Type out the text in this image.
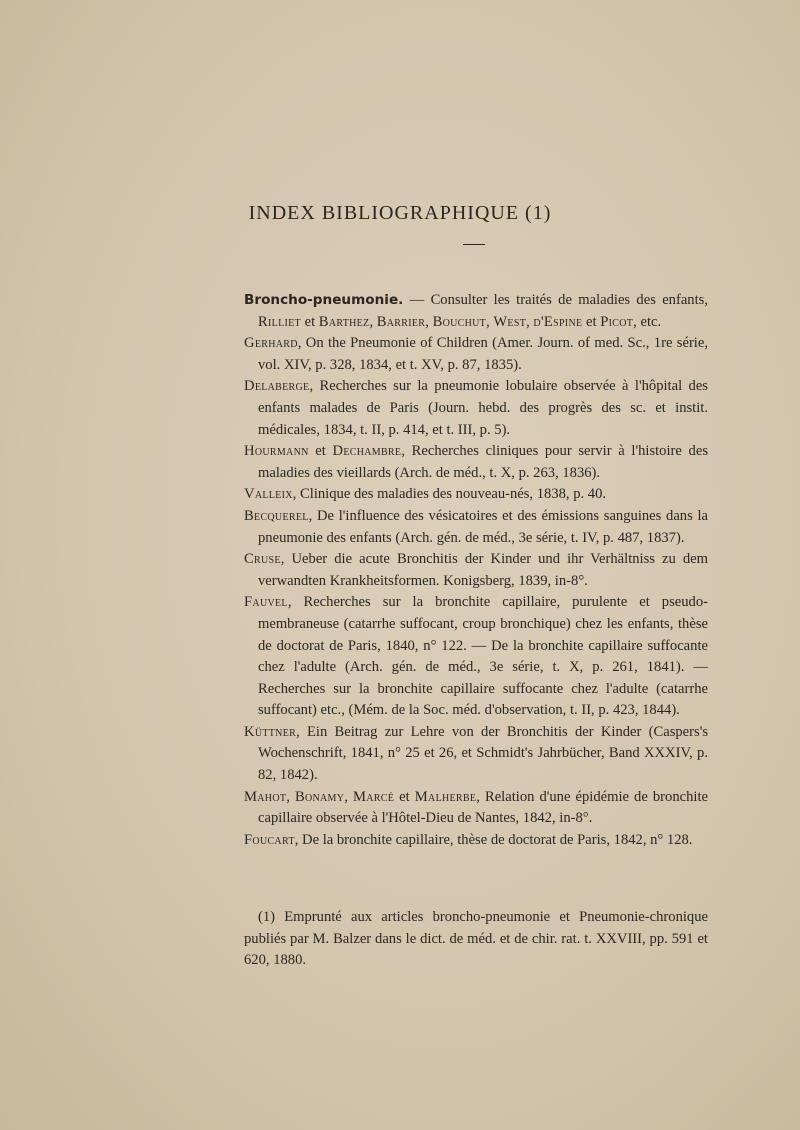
INDEX BIBLIOGRAPHIQUE (1)

Broncho-pneumonie. — Consulter les traités de maladies des enfants, Rilliet et Barthez, Barrier, Bouchut, West, d'Espine et Picot, etc.

Gerhard, On the Pneumonie of Children (Amer. Journ. of med. Sc., 1re série, vol. XIV, p. 328, 1834, et t. XV, p. 87, 1835).

Delaberge, Recherches sur la pneumonie lobulaire observée à l'hôpital des enfants malades de Paris (Journ. hebd. des progrès des sc. et instit. médicales, 1834, t. II, p. 414, et t. III, p. 5).

Hourmann et Dechambre, Recherches cliniques pour servir à l'histoire des maladies des vieillards (Arch. de méd., t. X, p. 263, 1836).

Valleix, Clinique des maladies des nouveau-nés, 1838, p. 40.

Becquerel, De l'influence des vésicatoires et des émissions sanguines dans la pneumonie des enfants (Arch. gén. de méd., 3e série, t. IV, p. 487, 1837).

Cruse, Ueber die acute Bronchitis der Kinder und ihr Verhältniss zu dem verwandten Krankheitsformen. Konigsberg, 1839, in-8°.

Fauvel, Recherches sur la bronchite capillaire, purulente et pseudo-membraneuse (catarrhe suffocant, croup bronchique) chez les enfants, thèse de doctorat de Paris, 1840, n° 122. — De la bronchite capillaire suffocante chez l'adulte (Arch. gén. de méd., 3e série, t. X, p. 261, 1841). — Recherches sur la bronchite capillaire suffocante chez l'adulte (catarrhe suffocant) etc., (Mém. de la Soc. méd. d'observation, t. II, p. 423, 1844).

Küttner, Ein Beitrag zur Lehre von der Bronchitis der Kinder (Caspers's Wochenschrift, 1841, n° 25 et 26, et Schmidt's Jahrbücher, Band XXXIV, p. 82, 1842).

Mahot, Bonamy, Marcé et Malherbe, Relation d'une épidémie de bronchite capillaire observée à l'Hôtel-Dieu de Nantes, 1842, in-8°.

Foucart, De la bronchite capillaire, thèse de doctorat de Paris, 1842, n° 128.

(1) Emprunté aux articles broncho-pneumonie et Pneumonie-chronique publiés par M. Balzer dans le dict. de méd. et de chir. rat. t. XXVIII, pp. 591 et 620, 1880.
